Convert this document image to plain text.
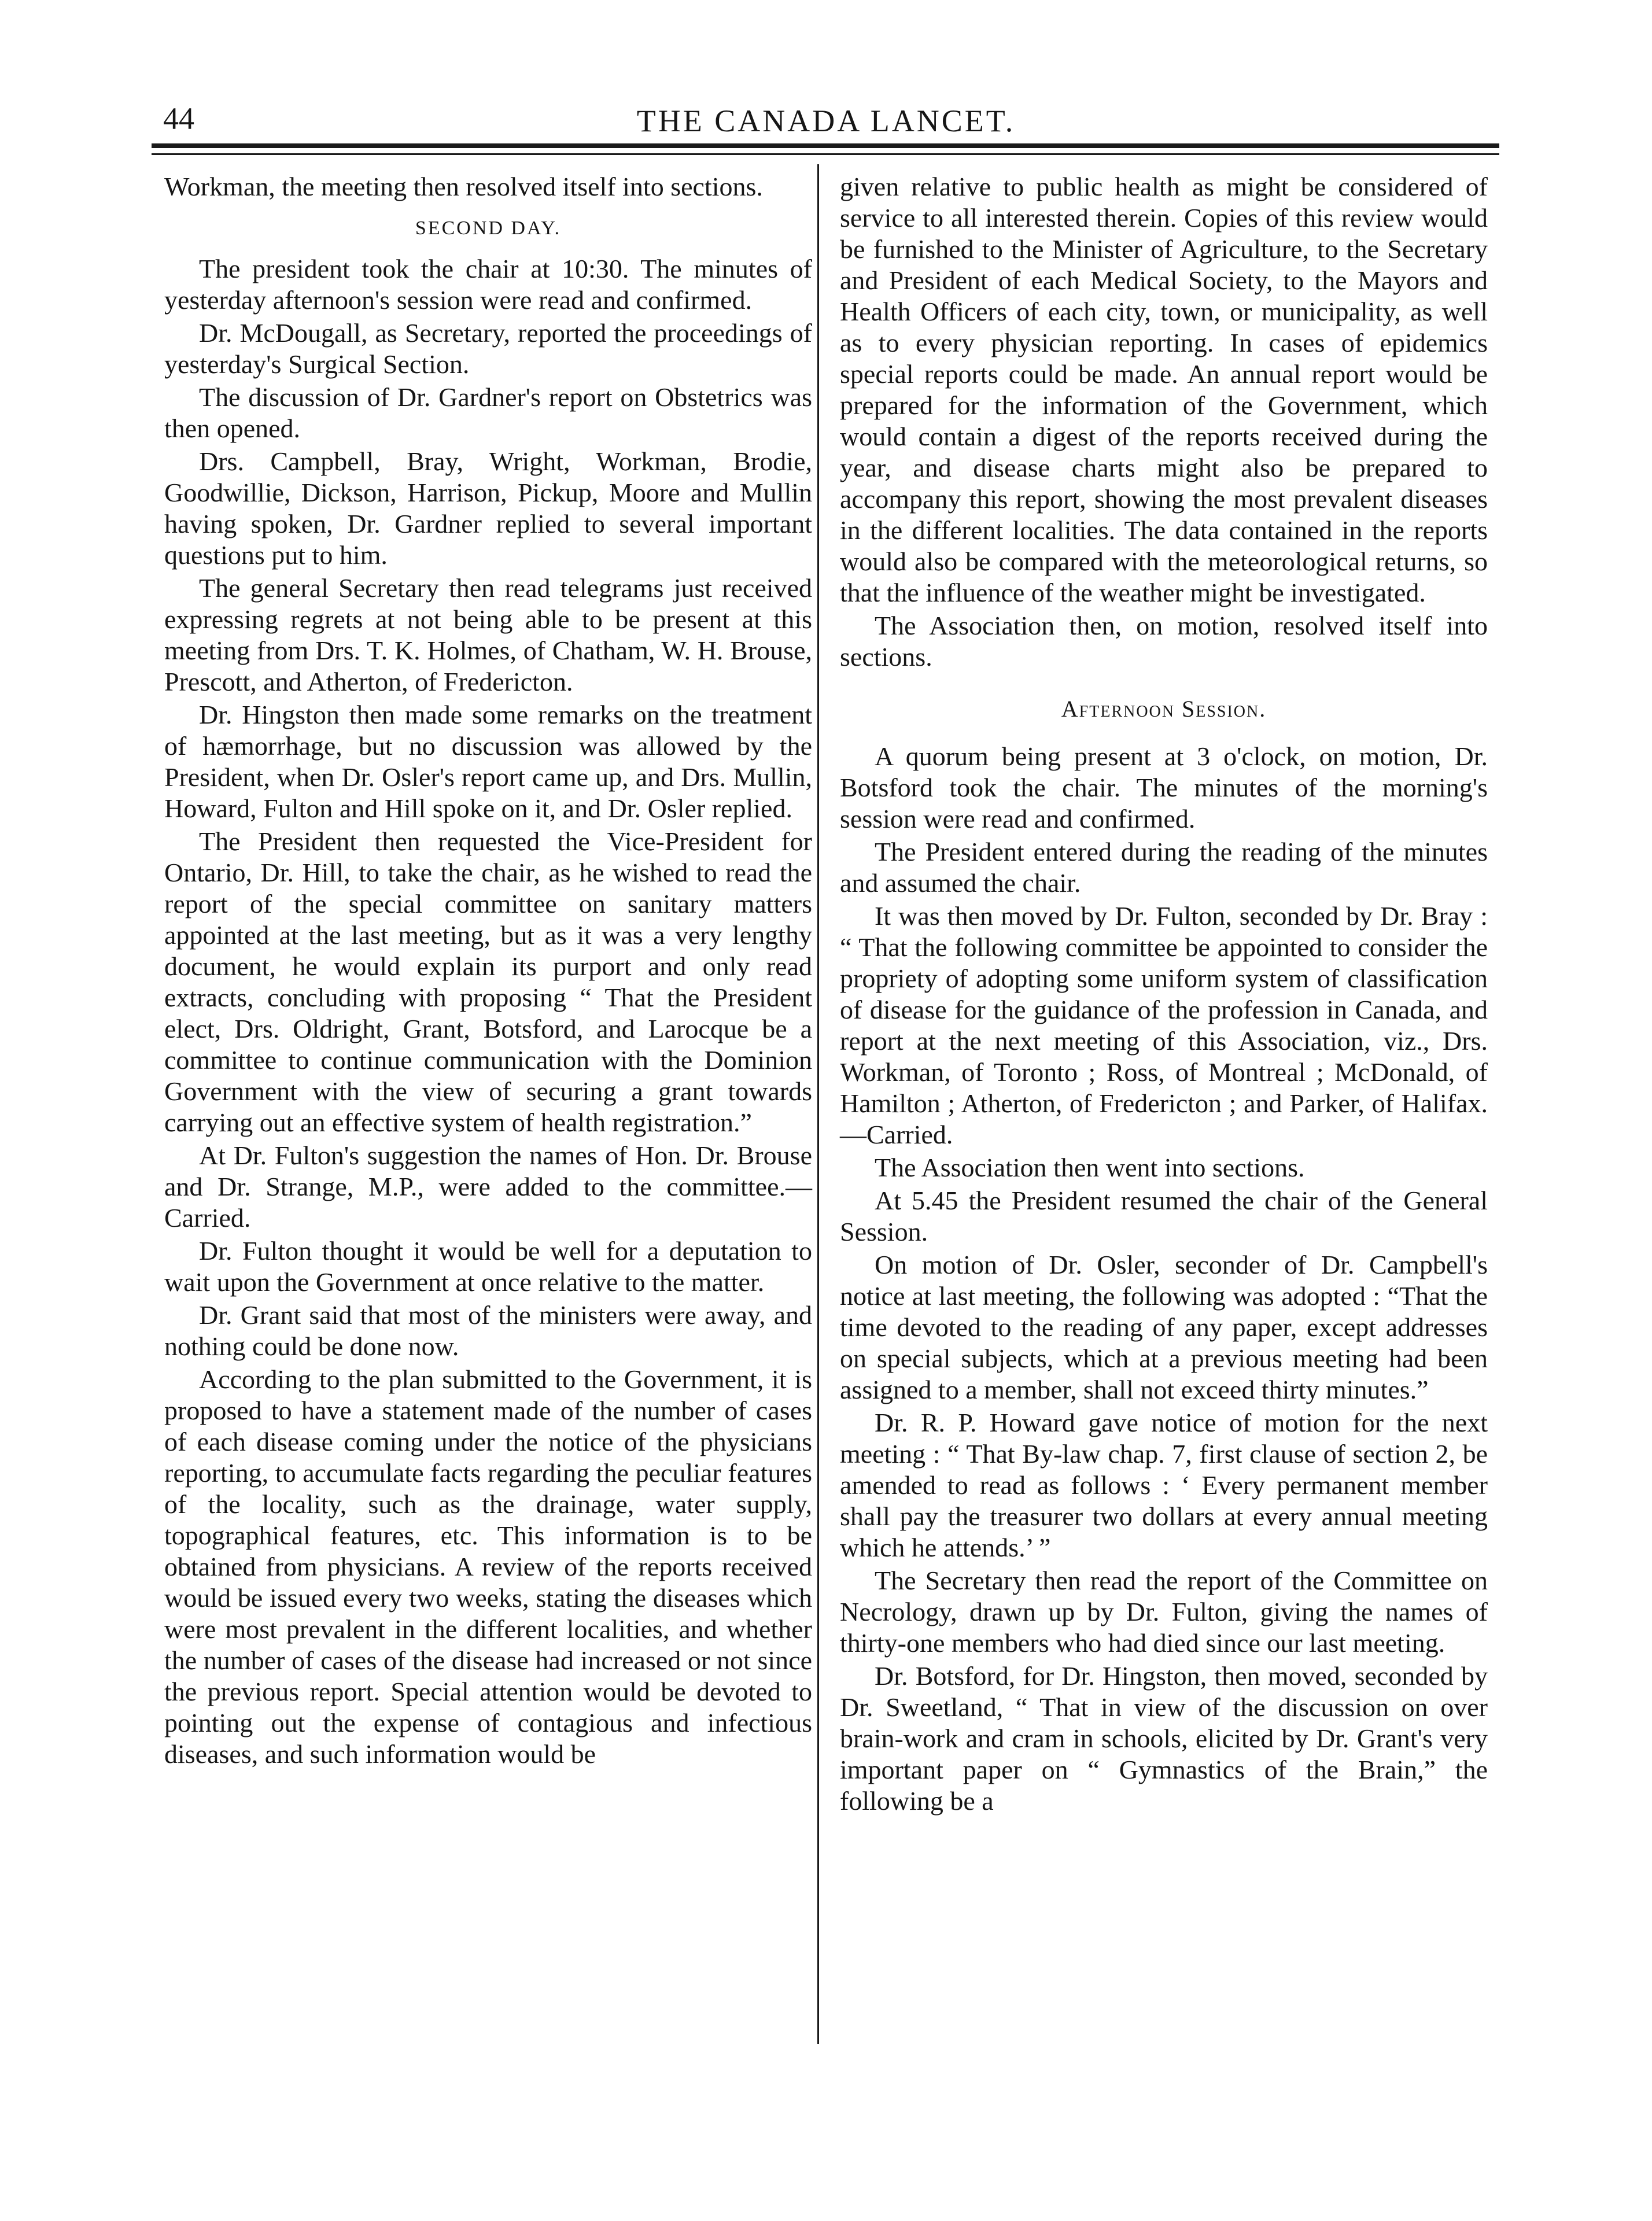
44	THE CANADA LANCET.

Workman, the meeting then resolved itself into sections.

SECOND DAY.

The president took the chair at 10:30. The minutes of yesterday afternoon's session were read and confirmed.

Dr. McDougall, as Secretary, reported the proceedings of yesterday's Surgical Section.

The discussion of Dr. Gardner's report on Obstetrics was then opened.

Drs. Campbell, Bray, Wright, Workman, Brodie, Goodwillie, Dickson, Harrison, Pickup, Moore and Mullin having spoken, Dr. Gardner replied to several important questions put to him.

The general Secretary then read telegrams just received expressing regrets at not being able to be present at this meeting from Drs. T. K. Holmes, of Chatham, W. H. Brouse, Prescott, and Atherton, of Fredericton.

Dr. Hingston then made some remarks on the treatment of hæmorrhage, but no discussion was allowed by the President, when Dr. Osler's report came up, and Drs. Mullin, Howard, Fulton and Hill spoke on it, and Dr. Osler replied.

The President then requested the Vice-President for Ontario, Dr. Hill, to take the chair, as he wished to read the report of the special committee on sanitary matters appointed at the last meeting, but as it was a very lengthy document, he would explain its purport and only read extracts, concluding with proposing “ That the President elect, Drs. Oldright, Grant, Botsford, and Larocque be a committee to continue communication with the Dominion Government with the view of securing a grant towards carrying out an effective system of health registration.”

At Dr. Fulton's suggestion the names of Hon. Dr. Brouse and Dr. Strange, M.P., were added to the committee.—Carried.

Dr. Fulton thought it would be well for a deputation to wait upon the Government at once relative to the matter.

Dr. Grant said that most of the ministers were away, and nothing could be done now.

According to the plan submitted to the Government, it is proposed to have a statement made of the number of cases of each disease coming under the notice of the physicians reporting, to accumulate facts regarding the peculiar features of the locality, such as the drainage, water supply, topographical features, etc. This information is to be obtained from physicians. A review of the reports received would be issued every two weeks, stating the diseases which were most prevalent in the different localities, and whether the number of cases of the disease had increased or not since the previous report. Special attention would be devoted to pointing out the expense of contagious and infectious diseases, and such information would be

given relative to public health as might be considered of service to all interested therein. Copies of this review would be furnished to the Minister of Agriculture, to the Secretary and President of each Medical Society, to the Mayors and Health Officers of each city, town, or municipality, as well as to every physician reporting. In cases of epidemics special reports could be made. An annual report would be prepared for the information of the Government, which would contain a digest of the reports received during the year, and disease charts might also be prepared to accompany this report, showing the most prevalent diseases in the different localities. The data contained in the reports would also be compared with the meteorological returns, so that the influence of the weather might be investigated.

The Association then, on motion, resolved itself into sections.

Afternoon Session.

A quorum being present at 3 o'clock, on motion, Dr. Botsford took the chair. The minutes of the morning's session were read and confirmed.

The President entered during the reading of the minutes and assumed the chair.

It was then moved by Dr. Fulton, seconded by Dr. Bray : “ That the following committee be appointed to consider the propriety of adopting some uniform system of classification of disease for the guidance of the profession in Canada, and report at the next meeting of this Association, viz., Drs. Workman, of Toronto ; Ross, of Montreal ; McDonald, of Hamilton ; Atherton, of Fredericton ; and Parker, of Halifax.—Carried.

The Association then went into sections.

At 5.45 the President resumed the chair of the General Session.

On motion of Dr. Osler, seconder of Dr. Campbell's notice at last meeting, the following was adopted : “That the time devoted to the reading of any paper, except addresses on special subjects, which at a previous meeting had been assigned to a member, shall not exceed thirty minutes.”

Dr. R. P. Howard gave notice of motion for the next meeting : “ That By-law chap. 7, first clause of section 2, be amended to read as follows : ‘ Every permanent member shall pay the treasurer two dollars at every annual meeting which he attends.’ ”

The Secretary then read the report of the Committee on Necrology, drawn up by Dr. Fulton, giving the names of thirty-one members who had died since our last meeting.

Dr. Botsford, for Dr. Hingston, then moved, seconded by Dr. Sweetland, “ That in view of the discussion on over brain-work and cram in schools, elicited by Dr. Grant's very important paper on “ Gymnastics of the Brain,” the following be a
